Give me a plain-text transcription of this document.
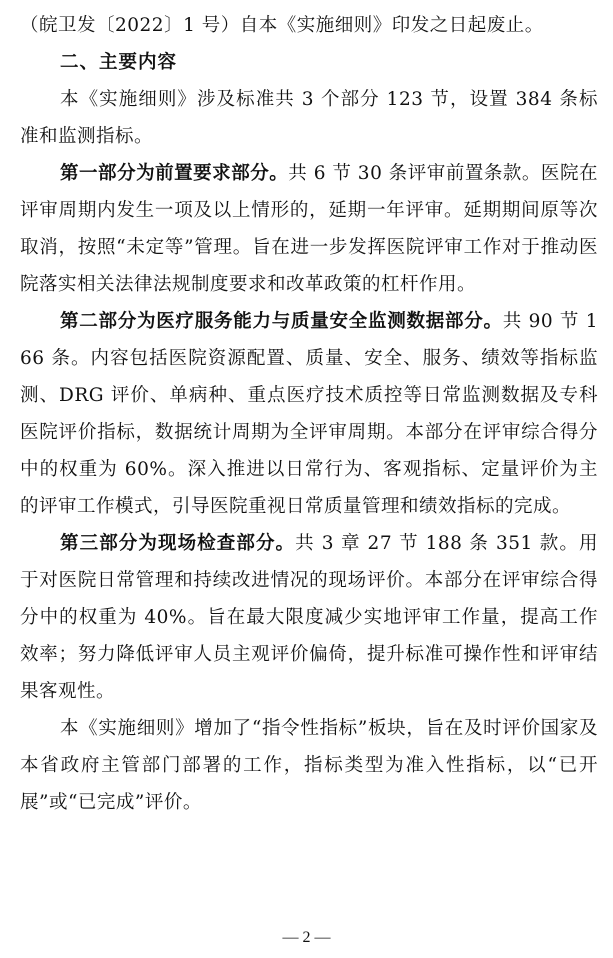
（皖卫发〔2022〕1 号）自本《实施细则》印发之日起废止。

二、主要内容

本《实施细则》涉及标准共 3 个部分 123 节，设置 384 条标准和监测指标。

第一部分为前置要求部分。共 6 节 30 条评审前置条款。医院在评审周期内发生一项及以上情形的，延期一年评审。延期期间原等次取消，按照“未定等”管理。旨在进一步发挥医院评审工作对于推动医院落实相关法律法规制度要求和改革政策的杠杆作用。

第二部分为医疗服务能力与质量安全监测数据部分。共 90 节 166 条。内容包括医院资源配置、质量、安全、服务、绩效等指标监测、DRG 评价、单病种、重点医疗技术质控等日常监测数据及专科医院评价指标，数据统计周期为全评审周期。本部分在评审综合得分中的权重为 60%。深入推进以日常行为、客观指标、定量评价为主的评审工作模式，引导医院重视日常质量管理和绩效指标的完成。

第三部分为现场检查部分。共 3 章 27 节 188 条 351 款。用于对医院日常管理和持续改进情况的现场评价。本部分在评审综合得分中的权重为 40%。旨在最大限度减少实地评审工作量，提高工作效率；努力降低评审人员主观评价偏倚，提升标准可操作性和评审结果客观性。

本《实施细则》增加了“指令性指标”板块，旨在及时评价国家及本省政府主管部门部署的工作，指标类型为准入性指标，以“已开展”或“已完成”评价。

— 2 —
